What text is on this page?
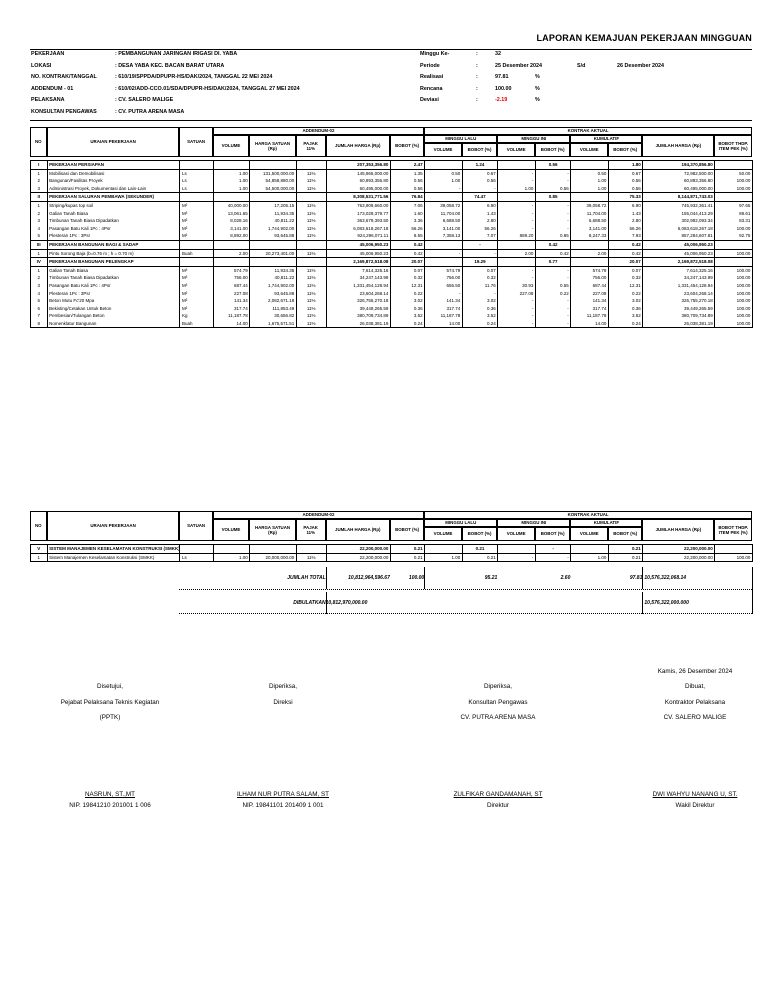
LAPORAN KEMAJUAN PEKERJAAN MINGGUAN
PEKERJAAN	: PEMBANGUNAN JARINGAN IRIGASI DI. YABA
LOKASI	: DESA YABA KEC. BACAN BARAT UTARA
NO. KONTRAK/TANGGAL	: 610/19/SPPDA/DPUPR-HS/DAK/2024, TANGGAL 22 MEI 2024
ADDENDUM - 01	: 610/02/ADD-CCO.01/SDA/DPUPR-HS/DAK/2024, TANGGAL 27 MEI 2024
PELAKSANA	: CV. SALERO MALIGE
KONSULTAN PENGAWAS	: CV. PUTRA ARENA MASA
Minggu Ke-	:	32
Periode	:	25 Desember 2024	S/d	26 Desember 2024
Realisasi	:	97.81	%
Rencana	:	100.00	%
Deviasi	:	-2.19	%
NO	URAIAN PEKERJAAN	SATUAN
ADDENDUM-02
VOLUME
HARGA SATUAN
(Rp)
PAJAK
11%
JUMLAH HARGA (Rp)	BOBOT (%)
KONTRAK AKTUAL
MINGGU LALU	MINGGU INI	KUMULATIF
VOLUME	BOBOT (%)	VOLUME	BOBOT (%)	VOLUME	BOBOT (%)
JUMLAH HARGA (Rp)
BOBOT THDP.
ITEM PEK (%)
I	PEKERJAAN PERSIAPAN					207,353,356.80	2.47		1.24		0.56		1.80	194,370,856.80	
1	Mobilisasi dan Demobilisasi	Ls	1.00	131,500,000.00	11%	145,965,000.00	1.35	0.50	0.67	-	-	0.50	0.67	72,982,500.00	50.00
2	Bangunan/Fasilitas Proyek	Ls	1.00	54,858,880.00	11%	60,893,356.80	0.56	1.00	0.56	-	-	1.00	0.56	60,893,356.80	100.00
3	Administrasi Proyek, Dokumentasi dan Lain-Lain	Ls	1.00	54,500,000.00	11%	60,495,000.00	0.56	-	-	1.00	0.56	1.00	0.56	60,495,000.00	100.00
II	PEKERJAAN SALURAN PEMBAWA (SEKUNDER)					8,308,531,771.56	76.84		74.47		0.85		75.33	8,144,871,743.03	
1	Striping/kupas top soil	M²	40,000.00	17,205.15	11%	763,908,660.00	7.06	39,058.72	6.90	-	-	39,058.72	6.90	745,932,361.41	97.65
2	Galian Tanah Biasa	M³	13,061.65	11,934.35	11%	173,029,379.77	1.60	11,704.00	1.43	-	-	11,704.00	1.43	155,044,413.29	89.61
3	Timbunan Tanah Biasa Dipadatkan	M³	8,028.16	40,811.22	11%	363,679,393.50	3.36	6,688.50	2.80	-	-	6,688.50	2.80	302,992,093.34	83.31
4	Pasangan Batu Kali 1Pc : 4Psr	M³	3,141.00	1,744,902.00	11%	6,083,618,267.18	56.26	3,141.00	56.26	-	-	3,141.00	56.26	6,083,618,267.18	100.00
5	Plesteran 1Pc : 3Psr	M²	8,892.00	93,645.88	11%	924,296,071.11	8.55	7,358.13	7.07	889.20	0.85	8,247.33	7.93	857,284,607.81	92.75
III	PEKERJAAN BANGUNAN BAGI & SADAP					45,006,950.23	0.42		-		0.42		0.42	45,006,950.23	
1	Pintu Sorong Baja (b=0.76 m ; h = 0.70 m)	Buah	2.00	20,273,401.00	11%	45,006,950.23	0.42	-	-	2.00	0.42	2.00	0.42	45,006,950.23	100.00
IV	PEKERJAAN BANGUNAN PELENGKAP					2,169,872,518.08	20.07		19.29		0.77		20.07	2,169,872,518.08	
1	Galian Tanah Biasa	M³	574.79	11,934.35	11%	7,614,325.16	0.07	574.79	0.07	-	-	574.79	0.07	7,614,325.16	100.00
2	Timbunan Tanah Biasa Dipadatkan	M³	756.00	40,811.22	11%	34,247,143.99	0.32	756.00	0.32	-	-	756.00	0.32	34,247,143.99	100.00
3	Pasangan Batu Kali 1Pc : 4Psr	M³	687.44	1,744,902.00	11%	1,331,454,128.94	12.31	656.50	11.76	30.93	0.55	687.44	12.31	1,331,454,128.94	100.00
4	Plesteran 1Pc : 3Psr	M²	227.08	93,645.88	11%	23,604,268.14	0.22	-	-	227.08	0.22	227.08	0.22	23,604,268.14	100.00
5	Beton Mutu Fc'20 Mpa	M³	141.34	2,082,671.18	11%	326,755,270.18	3.02	141.34	3.02	-	-	141.34	3.02	326,755,270.18	100.00
6	Bekisting/Cetakan Untuk Beton	M²	317.74	111,853.49	11%	39,449,265.59	0.36	317.74	0.36	-	-	317.74	0.36	39,449,265.59	100.00
7	Pembesian/Tulangan Beton	Kg	11,187.78	30,656.82	11%	380,709,734.89	3.52	11,187.78	3.52	-	-	11,187.78	3.52	380,709,734.89	100.00
8	Nomenklatur Bangunan	Buah	14.00	1,675,571.51	11%	26,038,381.19	0.24	14.00	0.24	-	-	14.00	0.24	26,038,381.19	100.00
NO	URAIAN PEKERJAAN	SATUAN
ADDENDUM-02
VOLUME
HARGA SATUAN
(Rp)
PAJAK
11%
JUMLAH HARGA (Rp)	BOBOT (%)
KONTRAK AKTUAL
MINGGU LALU	MINGGU INI	KUMULATIF
VOLUME	BOBOT (%)	VOLUME	BOBOT (%)	VOLUME	BOBOT (%)
JUMLAH HARGA (Rp)
BOBOT THDP.
ITEM PEK (%)
V	SISTEM MANAJEMEN KESELAMATAN KONSTRUKSI (SMKK)					22,200,000.00	0.21		0.21		-		0.21	22,200,000.00	
1	Sistem Manajemen Keselamatan Konstruksi (SMKK)	Ls	1.00	20,000,000.00	11%	22,200,000.00	0.21	1.00	0.21	-	-	1.00	0.21	22,200,000.00	100.00
JUMLAH TOTAL	10,812,964,596.67	100.00	95.21	2.60	97.81 10,576,322,068.14
DIBULATKAN 10,812,970,000.00	10,576,322,000.000
Kamis, 26 Desember 2024
Disetujui,
Pejabat Pelaksana Teknis Kegiatan
(PPTK)
NASRUN, ST.,MT
NIP. 19841210 201001 1 006
Diperiksa,
Direksi
ILHAM NUR PUTRA SALAM, ST
NIP. 19841101 201409 1 001
Diperiksa,
Konsultan Pengawas
CV. PUTRA ARENA MASA
ZULFIKAR GANDAMANAH, ST
Direktur
Dibuat,
Kontraktor Pelaksana
CV. SALERO MALIGE
DWI WAHYU NANANG U, ST.
Wakil Direktur
